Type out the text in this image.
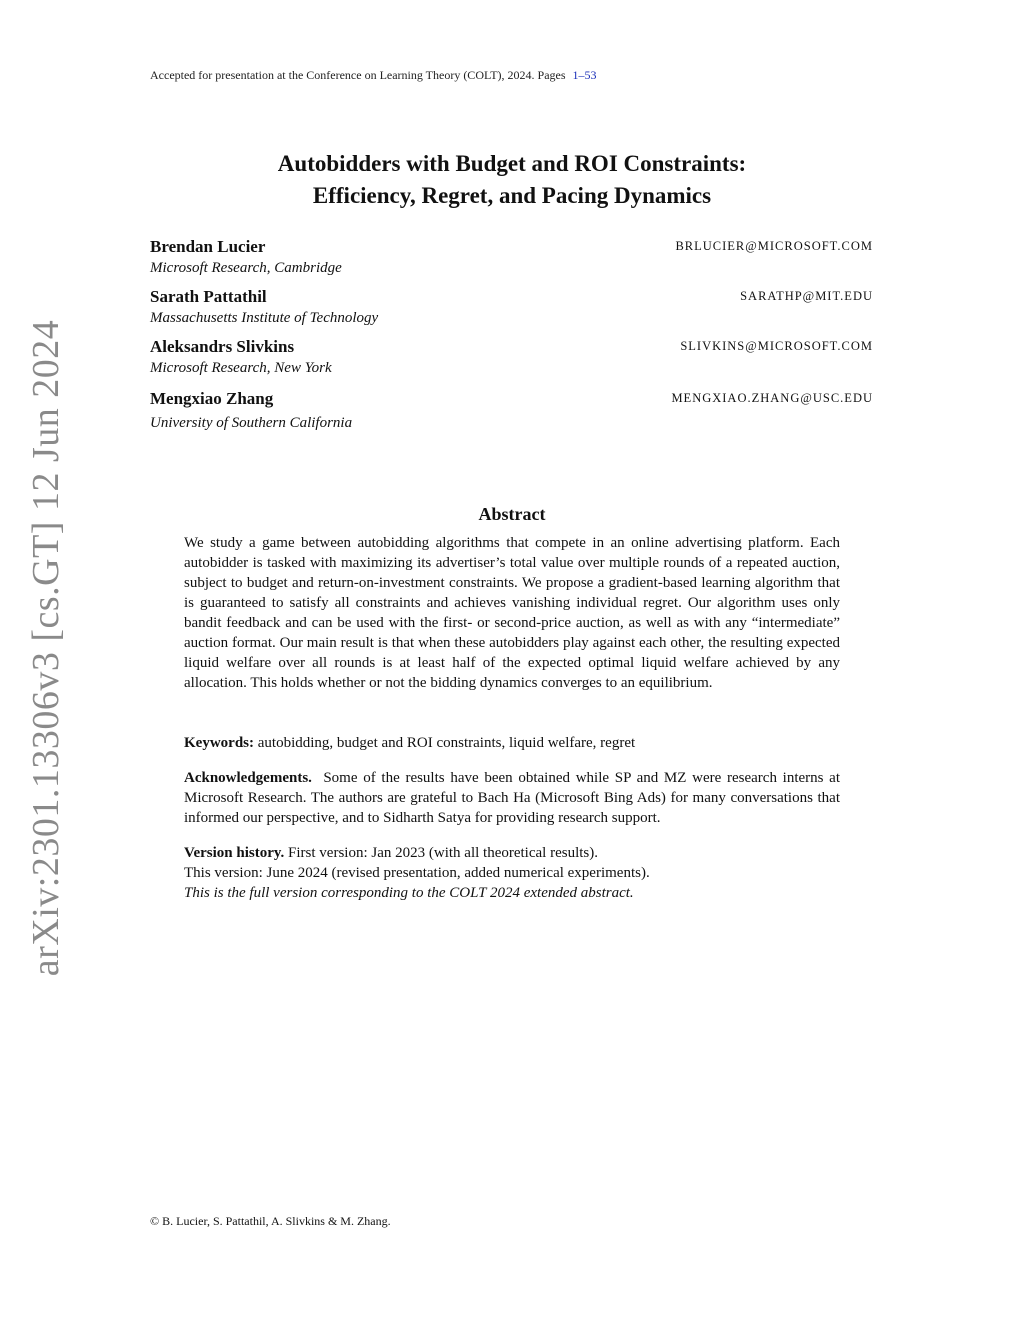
Accepted for presentation at the Conference on Learning Theory (COLT), 2024. Pages 1–53
arXiv:2301.13306v3 [cs.GT] 12 Jun 2024
Autobidders with Budget and ROI Constraints:
Efficiency, Regret, and Pacing Dynamics
Brendan Lucier
Microsoft Research, Cambridge
BRLUCIER@MICROSOFT.COM
Sarath Pattathil
Massachusetts Institute of Technology
SARATHP@MIT.EDU
Aleksandrs Slivkins
Microsoft Research, New York
SLIVKINS@MICROSOFT.COM
Mengxiao Zhang
University of Southern California
MENGXIAO.ZHANG@USC.EDU
Abstract
We study a game between autobidding algorithms that compete in an online advertising platform. Each autobidder is tasked with maximizing its advertiser’s total value over multiple rounds of a repeated auction, subject to budget and return-on-investment constraints. We propose a gradient-based learning algorithm that is guaranteed to satisfy all constraints and achieves vanishing individual regret. Our algorithm uses only bandit feedback and can be used with the first- or second-price auction, as well as with any “intermediate” auction format. Our main result is that when these autobidders play against each other, the resulting expected liquid welfare over all rounds is at least half of the expected optimal liquid welfare achieved by any allocation. This holds whether or not the bidding dynamics converges to an equilibrium.
Keywords: autobidding, budget and ROI constraints, liquid welfare, regret
Acknowledgements. Some of the results have been obtained while SP and MZ were research interns at Microsoft Research. The authors are grateful to Bach Ha (Microsoft Bing Ads) for many conversations that informed our perspective, and to Sidharth Satya for providing research support.
Version history. First version: Jan 2023 (with all theoretical results).
This version: June 2024 (revised presentation, added numerical experiments).
This is the full version corresponding to the COLT 2024 extended abstract.
© B. Lucier, S. Pattathil, A. Slivkins & M. Zhang.
